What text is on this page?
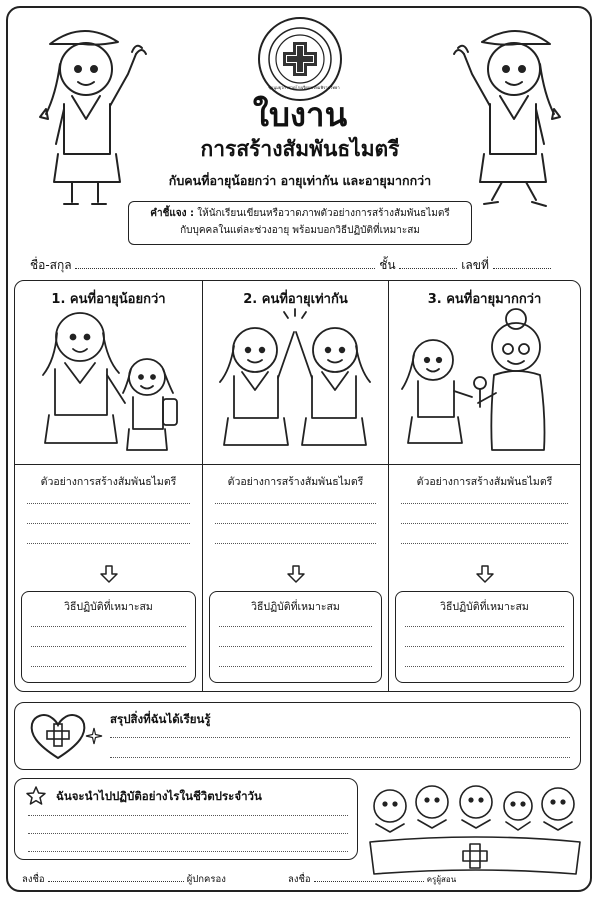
ชุมนุมยุวกาชาดโรงเรียนพรหมพิรามวิทยา
ใบงาน
การสร้างสัมพันธไมตรี
กับคนที่อายุน้อยกว่า อายุเท่ากัน และอายุมากกว่า
คำชี้แจง : ให้นักเรียนเขียนหรือวาดภาพตัวอย่างการสร้างสัมพันธไมตรี
กับบุคคลในแต่ละช่วงอายุ พร้อมบอกวิธีปฏิบัติที่เหมาะสม
ชื่อ-สกุล	ชั้น	เลขที่
1. คนที่อายุน้อยกว่า
ตัวอย่างการสร้างสัมพันธไมตรี
วิธีปฏิบัติที่เหมาะสม
2. คนที่อายุเท่ากัน
ตัวอย่างการสร้างสัมพันธไมตรี
วิธีปฏิบัติที่เหมาะสม
3. คนที่อายุมากกว่า
ตัวอย่างการสร้างสัมพันธไมตรี
วิธีปฏิบัติที่เหมาะสม
สรุปสิ่งที่ฉันได้เรียนรู้
ฉันจะนำไปปฏิบัติอย่างไรในชีวิตประจำวัน
ลงชื่อ	ผู้ปกครอง	ลงชื่อ	ครูผู้สอน
